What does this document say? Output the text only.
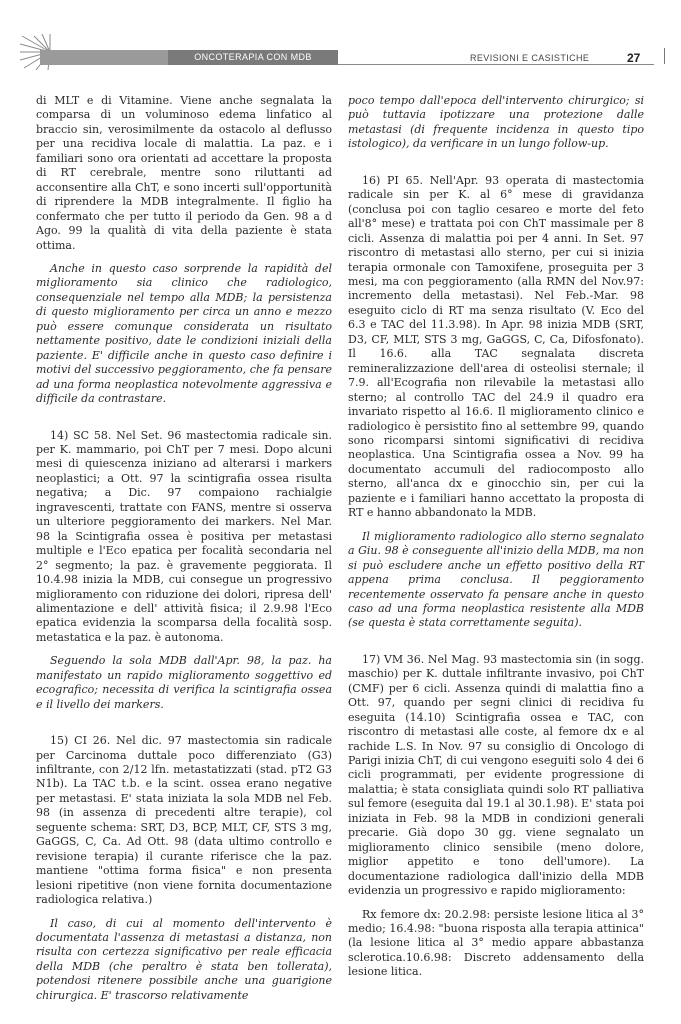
ONCOTERAPIA CON MDB	REVISIONI E CASISTICHE	27

di MLT e di Vitamine. Viene anche segnalata la comparsa di un voluminoso edema linfatico al braccio sin, verosimilmente da ostacolo al deflusso per una recidiva locale di malattia. La paz. e i familiari sono ora orientati ad accettare la proposta di RT cerebrale, mentre sono riluttanti ad acconsentire alla ChT, e sono incerti sull'opportunità di riprendere la MDB integralmente. Il figlio ha confermato che per tutto il periodo da Gen. 98 a d Ago. 99 la qualità di vita della paziente è stata ottima.

Anche in questo caso sorprende la rapidità del miglioramento sia clinico che radiologico, consequenziale nel tempo alla MDB; la persistenza di questo miglioramento per circa un anno e mezzo può essere comunque considerata un risultato nettamente positivo, date le condizioni iniziali della paziente. E' difficile anche in questo caso definire i motivi del successivo peggioramento, che fa pensare ad una forma neoplastica notevolmente aggressiva e difficile da contrastare.

14) SC 58. Nel Set. 96 mastectomia radicale sin. per K. mammario, poi ChT per 7 mesi. Dopo alcuni mesi di quiescenza iniziano ad alterarsi i markers neoplastici; a Ott. 97 la scintigrafia ossea risulta negativa; a Dic. 97 compaiono rachialgie ingravescenti, trattate con FANS, mentre si osserva un ulteriore peggioramento dei markers. Nel Mar. 98 la Scintigrafia ossea è positiva per metastasi multiple e l'Eco epatica per focalità secondaria nel 2° segmento; la paz. è gravemente peggiorata. Il 10.4.98 inizia la MDB, cui consegue un progressivo miglioramento con riduzione dei dolori, ripresa dell' alimentazione e dell' attività fisica; il 2.9.98 l'Eco epatica evidenzia la scomparsa della focalità sosp. metastatica e la paz. è autonoma.

Seguendo la sola MDB dall'Apr. 98, la paz. ha manifestato un rapido miglioramento soggettivo ed ecografico; necessita di verifica la scintigrafia ossea e il livello dei markers.

15) CI 26. Nel dic. 97 mastectomia sin radicale per Carcinoma duttale poco differenziato (G3) infiltrante, con 2/12 lfn. metastatizzati (stad. pT2 G3 N1b). La TAC t.b. e la scint. ossea erano negative per metastasi. E' stata iniziata la sola MDB nel Feb. 98 (in assenza di precedenti altre terapie), col seguente schema: SRT, D3, BCP, MLT, CF, STS 3 mg, GaGGS, C, Ca. Ad Ott. 98 (data ultimo controllo e revisione terapia) il curante riferisce che la paz. mantiene "ottima forma fisica" e non presenta lesioni ripetitive (non viene fornita documentazione radiologica relativa.)

Il caso, di cui al momento dell'intervento è documentata l'assenza di metastasi a distanza, non risulta con certezza significativo per reale efficacia della MDB (che peraltro è stata ben tollerata), potendosi ritenere possibile anche una guarigione chirurgica. E' trascorso relativamente

poco tempo dall'epoca dell'intervento chirurgico; si può tuttavia ipotizzare una protezione dalle metastasi (di frequente incidenza in questo tipo istologico), da verificare in un lungo follow-up.

16) PI 65. Nell'Apr. 93 operata di mastectomia radicale sin per K. al 6° mese di gravidanza (conclusa poi con taglio cesareo e morte del feto all'8° mese) e trattata poi con ChT massimale per 8 cicli. Assenza di malattia poi per 4 anni. In Set. 97 riscontro di metastasi allo sterno, per cui si inizia terapia ormonale con Tamoxifene, proseguita per 3 mesi, ma con peggioramento (alla RMN del Nov.97: incremento della metastasi). Nel Feb.-Mar. 98 eseguito ciclo di RT ma senza risultato (V. Eco del 6.3 e TAC del 11.3.98). In Apr. 98 inizia MDB (SRT, D3, CF, MLT, STS 3 mg, GaGGS, C, Ca, Difosfonato). Il 16.6. alla TAC segnalata discreta remineralizzazione dell'area di osteolisi sternale; il 7.9. all'Ecografia non rilevabile la metastasi allo sterno; al controllo TAC del 24.9 il quadro era invariato rispetto al 16.6. Il miglioramento clinico e radiologico è persistito fino al settembre 99, quando sono ricomparsi sintomi significativi di recidiva neoplastica. Una Scintigrafia ossea a Nov. 99 ha documentato accumuli del radiocomposto allo sterno, all'anca dx e ginocchio sin, per cui la paziente e i familiari hanno accettato la proposta di RT e hanno abbandonato la MDB.

Il miglioramento radiologico allo sterno segnalato a Giu. 98 è conseguente all'inizio della MDB, ma non si può escludere anche un effetto positivo della RT appena prima conclusa. Il peggioramento recentemente osservato fa pensare anche in questo caso ad una forma neoplastica resistente alla MDB (se questa è stata correttamente seguita).

17) VM 36. Nel Mag. 93 mastectomia sin (in sogg. maschio) per K. duttale infiltrante invasivo, poi ChT (CMF) per 6 cicli. Assenza quindi di malattia fino a Ott. 97, quando per segni clinici di recidiva fu eseguita (14.10) Scintigrafia ossea e TAC, con riscontro di metastasi alle coste, al femore dx e al rachide L.S. In Nov. 97 su consiglio di Oncologo di Parigi inizia ChT, di cui vengono eseguiti solo 4 dei 6 cicli programmati, per evidente progressione di malattia; è stata consigliata quindi solo RT palliativa sul femore (eseguita dal 19.1 al 30.1.98). E' stata poi iniziata in Feb. 98 la MDB in condizioni generali precarie. Già dopo 30 gg. viene segnalato un miglioramento clinico sensibile (meno dolore, miglior appetito e tono dell'umore). La documentazione radiologica dall'inizio della MDB evidenzia un progressivo e rapido miglioramento:

Rx femore dx: 20.2.98: persiste lesione litica al 3° medio; 16.4.98: "buona risposta alla terapia attinica" (la lesione litica al 3° medio appare abbastanza sclerotica.10.6.98: Discreto addensamento della lesione litica.
